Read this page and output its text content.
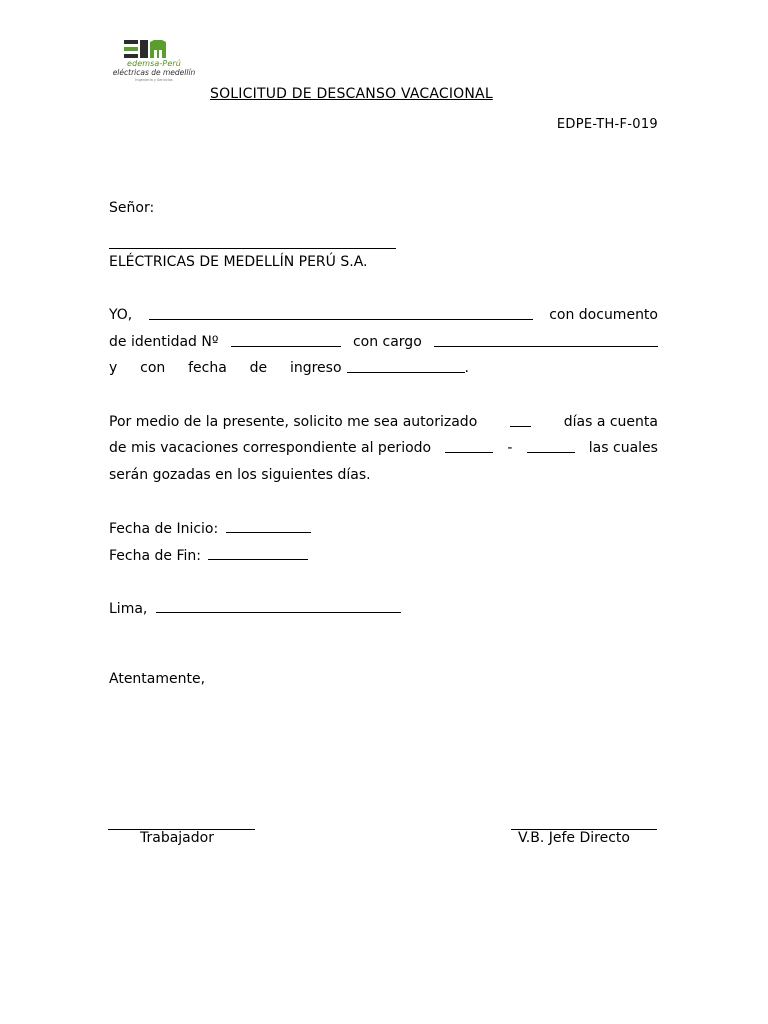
edemsa-Perú
eléctricas de medellín
Ingeniería y Servicios
SOLICITUD DE DESCANSO VACACIONAL
EDPE-TH-F-019
Señor:
ELÉCTRICAS DE MEDELLÍN PERÚ S.A.
YO,	con documento
de identidad Nº	con cargo
y con fecha de ingreso	.
Por medio de la presente, solicito me sea autorizado	días a cuenta
de mis vacaciones correspondiente al periodo	-	las cuales
serán gozadas en los siguientes días.
Fecha de Inicio:
Fecha de Fin:
Lima,
Atentamente,
Trabajador	V.B. Jefe Directo
